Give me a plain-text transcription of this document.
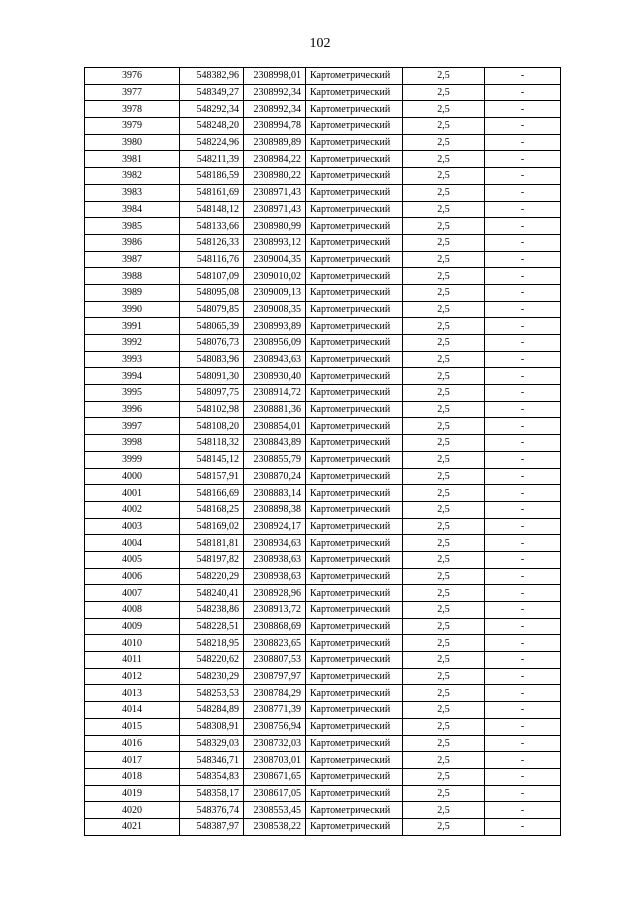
102
3976	548382,96	2308998,01	Картометрический	2,5	-
3977	548349,27	2308992,34	Картометрический	2,5	-
3978	548292,34	2308992,34	Картометрический	2,5	-
3979	548248,20	2308994,78	Картометрический	2,5	-
3980	548224,96	2308989,89	Картометрический	2,5	-
3981	548211,39	2308984,22	Картометрический	2,5	-
3982	548186,59	2308980,22	Картометрический	2,5	-
3983	548161,69	2308971,43	Картометрический	2,5	-
3984	548148,12	2308971,43	Картометрический	2,5	-
3985	548133,66	2308980,99	Картометрический	2,5	-
3986	548126,33	2308993,12	Картометрический	2,5	-
3987	548116,76	2309004,35	Картометрический	2,5	-
3988	548107,09	2309010,02	Картометрический	2,5	-
3989	548095,08	2309009,13	Картометрический	2,5	-
3990	548079,85	2309008,35	Картометрический	2,5	-
3991	548065,39	2308993,89	Картометрический	2,5	-
3992	548076,73	2308956,09	Картометрический	2,5	-
3993	548083,96	2308943,63	Картометрический	2,5	-
3994	548091,30	2308930,40	Картометрический	2,5	-
3995	548097,75	2308914,72	Картометрический	2,5	-
3996	548102,98	2308881,36	Картометрический	2,5	-
3997	548108,20	2308854,01	Картометрический	2,5	-
3998	548118,32	2308843,89	Картометрический	2,5	-
3999	548145,12	2308855,79	Картометрический	2,5	-
4000	548157,91	2308870,24	Картометрический	2,5	-
4001	548166,69	2308883,14	Картометрический	2,5	-
4002	548168,25	2308898,38	Картометрический	2,5	-
4003	548169,02	2308924,17	Картометрический	2,5	-
4004	548181,81	2308934,63	Картометрический	2,5	-
4005	548197,82	2308938,63	Картометрический	2,5	-
4006	548220,29	2308938,63	Картометрический	2,5	-
4007	548240,41	2308928,96	Картометрический	2,5	-
4008	548238,86	2308913,72	Картометрический	2,5	-
4009	548228,51	2308868,69	Картометрический	2,5	-
4010	548218,95	2308823,65	Картометрический	2,5	-
4011	548220,62	2308807,53	Картометрический	2,5	-
4012	548230,29	2308797,97	Картометрический	2,5	-
4013	548253,53	2308784,29	Картометрический	2,5	-
4014	548284,89	2308771,39	Картометрический	2,5	-
4015	548308,91	2308756,94	Картометрический	2,5	-
4016	548329,03	2308732,03	Картометрический	2,5	-
4017	548346,71	2308703,01	Картометрический	2,5	-
4018	548354,83	2308671,65	Картометрический	2,5	-
4019	548358,17	2308617,05	Картометрический	2,5	-
4020	548376,74	2308553,45	Картометрический	2,5	-
4021	548387,97	2308538,22	Картометрический	2,5	-
